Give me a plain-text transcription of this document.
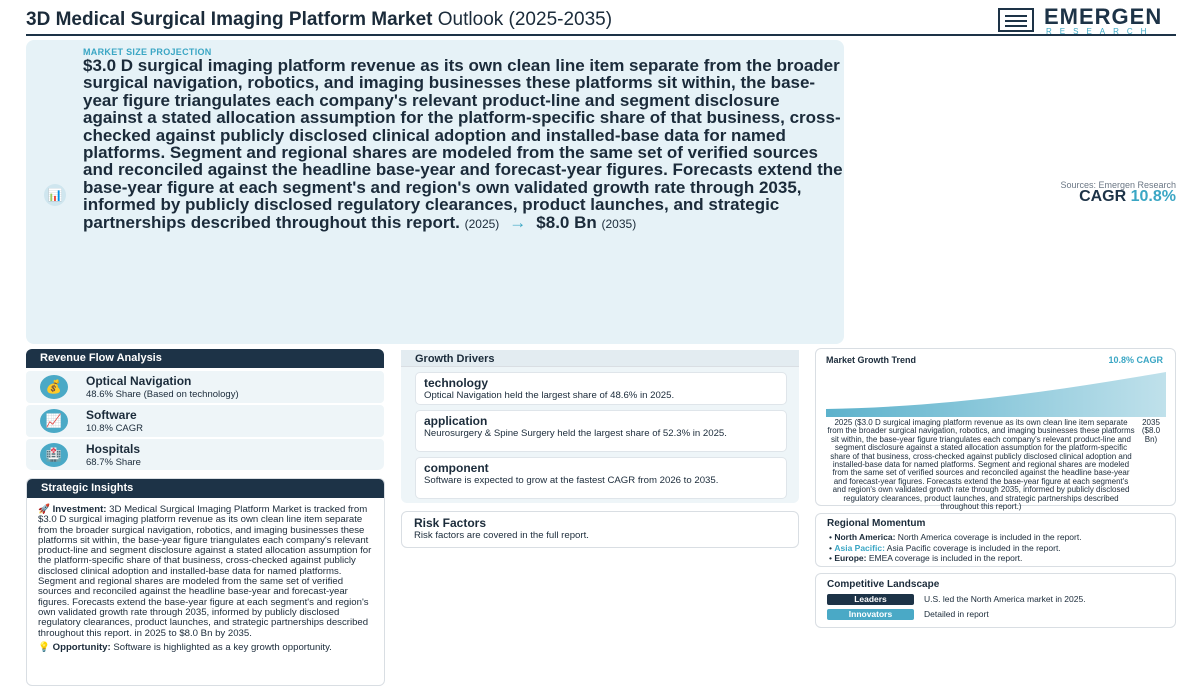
3D Medical Surgical Imaging Platform Market Outlook (2025-2035)	EMERGEN
RESEARCH
📊
MARKET SIZE PROJECTION
$3.0 D surgical imaging platform revenue as its own clean line item separate from the broader surgical navigation, robotics, and imaging businesses these platforms sit within, the base-year figure triangulates each company's relevant product-line and segment disclosure against a stated allocation assumption for the platform-specific share of that business, cross-checked against publicly disclosed clinical adoption and installed-base data for named platforms. Segment and regional shares are modeled from the same set of verified sources and reconciled against the headline base-year and forecast-year figures. Forecasts extend the base-year figure at each segment's and region's own validated growth rate through 2035, informed by publicly disclosed regulatory clearances, product launches, and strategic partnerships described throughout this report. (2025) → $8.0 Bn (2035)
Sources: Emergen Research
CAGR 10.8%
Revenue Flow Analysis
💰	Optical Navigation
48.6% Share (Based on technology)
📈	Software
10.8% CAGR
🏥	Hospitals
68.7% Share
Strategic Insights
🚀 Investment: 3D Medical Surgical Imaging Platform Market is tracked from $3.0 D surgical imaging platform revenue as its own clean line item separate from the broader surgical navigation, robotics, and imaging businesses these platforms sit within, the base-year figure triangulates each company's relevant product-line and segment disclosure against a stated allocation assumption for the platform-specific share of that business, cross-checked against publicly disclosed clinical adoption and installed-base data for named platforms. Segment and regional shares are modeled from the same set of verified sources and reconciled against the headline base-year and forecast-year figures. Forecasts extend the base-year figure at each segment's and region's own validated growth rate through 2035, informed by publicly disclosed regulatory clearances, product launches, and strategic partnerships described throughout this report. in 2025 to $8.0 Bn by 2035.
💡 Opportunity: Software is highlighted as a key growth opportunity.
Growth Drivers
technology
Optical Navigation held the largest share of 48.6% in 2025.
application
Neurosurgery & Spine Surgery held the largest share of 52.3% in 2025.
component
Software is expected to grow at the fastest CAGR from 2026 to 2035.
Risk Factors
Risk factors are covered in the full report.
Market Growth Trend	10.8% CAGR
2025 ($3.0 D surgical imaging platform revenue as its own clean line item separate from the broader surgical navigation, robotics, and imaging businesses these platforms sit within, the base-year figure triangulates each company's relevant product-line and segment disclosure against a stated allocation assumption for the platform-specific share of that business, cross-checked against publicly disclosed clinical adoption and installed-base data for named platforms. Segment and regional shares are modeled from the same set of verified sources and reconciled against the headline base-year and forecast-year figures. Forecasts extend the base-year figure at each segment's and region's own validated growth rate through 2035, informed by publicly disclosed regulatory clearances, product launches, and strategic partnerships described throughout this report.)
2035 ($8.0 Bn)
Regional Momentum
• North America: North America coverage is included in the report.
• Asia Pacific: Asia Pacific coverage is included in the report.
• Europe: EMEA coverage is included in the report.
Competitive Landscape
Leaders	U.S. led the North America market in 2025.
Innovators	Detailed in report
